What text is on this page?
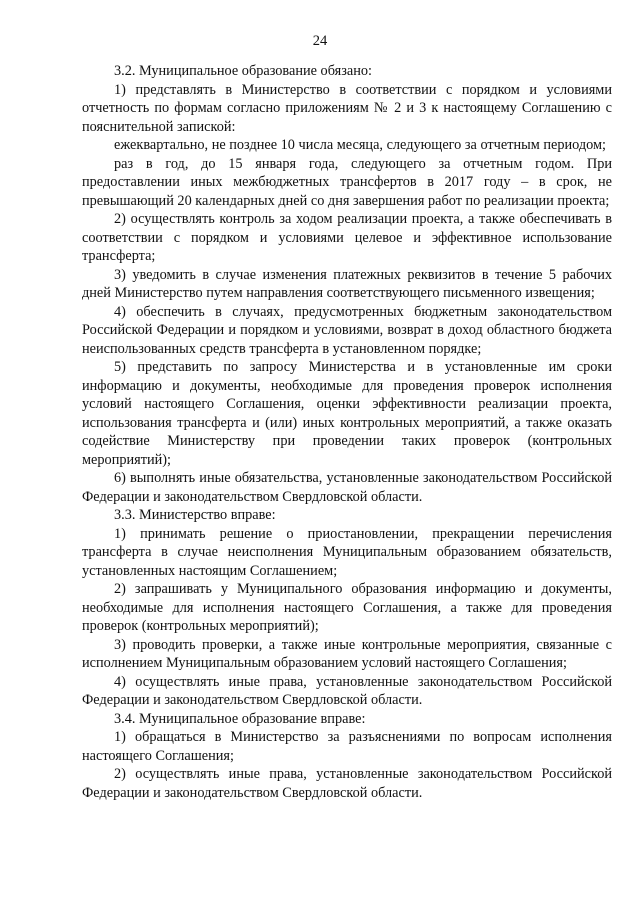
24

3.2. Муниципальное образование обязано:

1) представлять в Министерство в соответствии с порядком и условиями отчетность по формам согласно приложениям № 2 и 3 к настоящему Соглашению с пояснительной запиской:

ежеквартально, не позднее 10 числа месяца, следующего за отчетным периодом;

раз в год, до 15 января года, следующего за отчетным годом. При предоставлении иных межбюджетных трансфертов в 2017 году – в срок, не превышающий 20 календарных дней со дня завершения работ по реализации проекта;

2) осуществлять контроль за ходом реализации проекта, а также обеспечивать в соответствии с порядком и условиями целевое и эффективное использование трансферта;

3) уведомить в случае изменения платежных реквизитов в течение 5 рабочих дней Министерство путем направления соответствующего письменного извещения;

4) обеспечить в случаях, предусмотренных бюджетным законодательством Российской Федерации и порядком и условиями, возврат в доход областного бюджета неиспользованных средств трансферта в установленном порядке;

5) представить по запросу Министерства и в установленные им сроки информацию и документы, необходимые для проведения проверок исполнения условий настоящего Соглашения, оценки эффективности реализации проекта, использования трансферта и (или) иных контрольных мероприятий, а также оказать содействие Министерству при проведении таких проверок (контрольных мероприятий);

6) выполнять иные обязательства, установленные законодательством Российской Федерации и законодательством Свердловской области.

3.3. Министерство вправе:

1) принимать решение о приостановлении, прекращении перечисления трансферта в случае неисполнения Муниципальным образованием обязательств, установленных настоящим Соглашением;

2) запрашивать у Муниципального образования информацию и документы, необходимые для исполнения настоящего Соглашения, а также для проведения проверок (контрольных мероприятий);

3) проводить проверки, а также иные контрольные мероприятия, связанные с исполнением Муниципальным образованием условий настоящего Соглашения;

4) осуществлять иные права, установленные законодательством Российской Федерации и законодательством Свердловской области.

3.4. Муниципальное образование вправе:

1) обращаться в Министерство за разъяснениями по вопросам исполнения настоящего Соглашения;

2) осуществлять иные права, установленные законодательством Российской Федерации и законодательством Свердловской области.
